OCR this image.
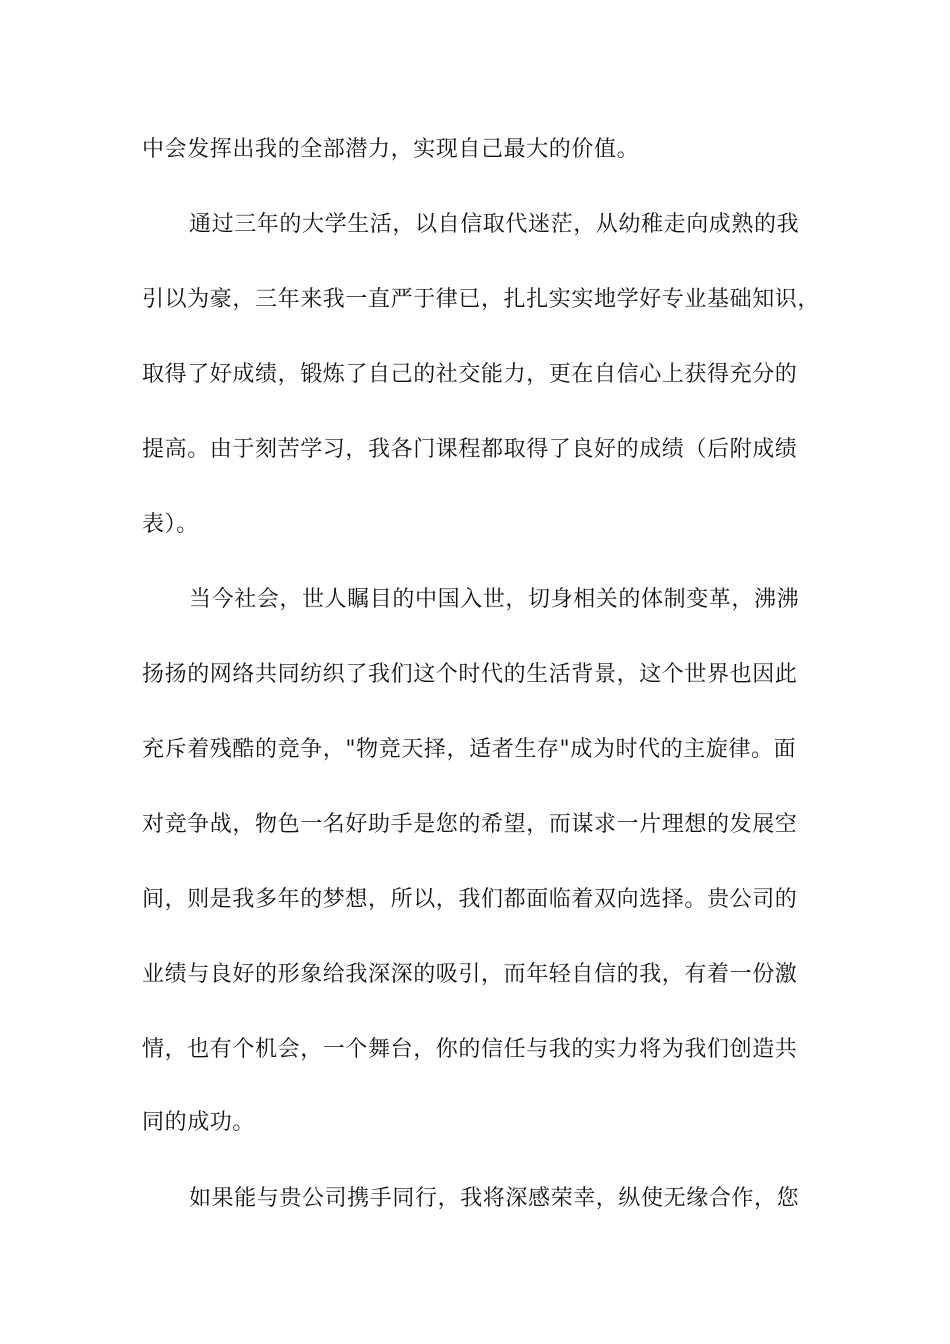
中会发挥出我的全部潜力，实现自己最大的价值。
通过三年的大学生活，以自信取代迷茫，从幼稚走向成熟的我
引以为豪，三年来我一直严于律已，扎扎实实地学好专业基础知识，
取得了好成绩，锻炼了自己的社交能力，更在自信心上获得充分的
提高。由于刻苦学习，我各门课程都取得了良好的成绩（后附成绩
表）。
当今社会，世人瞩目的中国入世，切身相关的体制变革，沸沸
扬扬的网络共同纺织了我们这个时代的生活背景，这个世界也因此
充斥着残酷的竞争，"物竞天择，适者生存"成为时代的主旋律。面
对竞争战，物色一名好助手是您的希望，而谋求一片理想的发展空
间，则是我多年的梦想，所以，我们都面临着双向选择。贵公司的
业绩与良好的形象给我深深的吸引，而年轻自信的我，有着一份激
情，也有个机会，一个舞台，你的信任与我的实力将为我们创造共
同的成功。
如果能与贵公司携手同行，我将深感荣幸，纵使无缘合作，您
